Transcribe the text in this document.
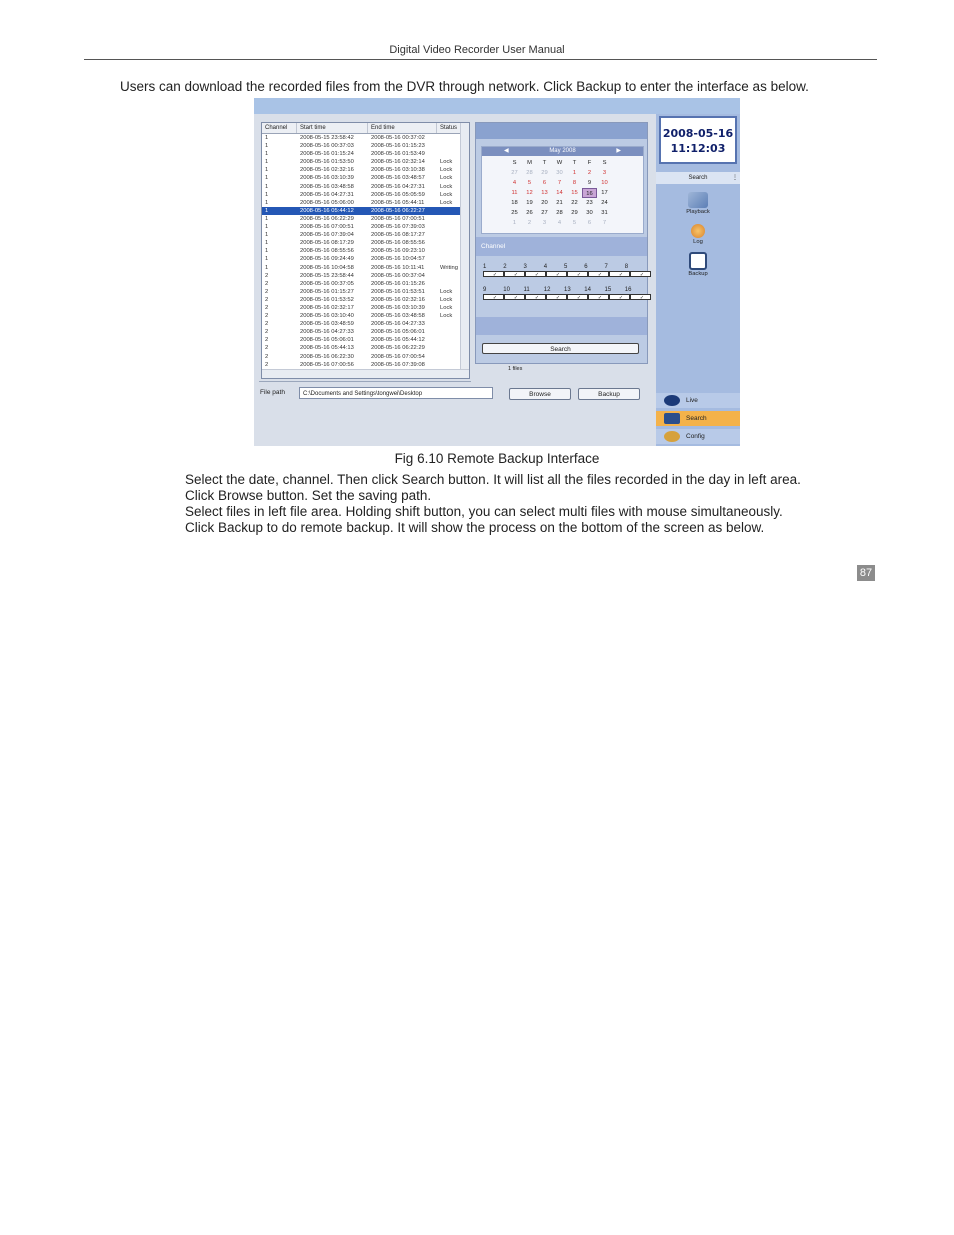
Digital Video Recorder User Manual
Users can download the recorded files from the DVR through network. Click Backup to enter the interface as below.
Channel	Start time	End time	Status
1	2008-05-15 23:58:42	2008-05-16 00:37:02
1	2008-05-16 00:37:03	2008-05-16 01:15:23
1	2008-05-16 01:15:24	2008-05-16 01:53:49
1	2008-05-16 01:53:50	2008-05-16 02:32:14	Lock
1	2008-05-16 02:32:16	2008-05-16 03:10:38	Lock
1	2008-05-16 03:10:39	2008-05-16 03:48:57	Lock
1	2008-05-16 03:48:58	2008-05-16 04:27:31	Lock
1	2008-05-16 04:27:31	2008-05-16 05:05:59	Lock
1	2008-05-16 05:06:00	2008-05-16 05:44:11	Lock
1	2008-05-16 05:44:12	2008-05-16 06:22:27
1	2008-05-16 06:22:29	2008-05-16 07:00:51
1	2008-05-16 07:00:51	2008-05-16 07:39:03
1	2008-05-16 07:39:04	2008-05-16 08:17:27
1	2008-05-16 08:17:29	2008-05-16 08:55:56
1	2008-05-16 08:55:56	2008-05-16 09:23:10
1	2008-05-16 09:24:49	2008-05-16 10:04:57
1	2008-05-16 10:04:58	2008-05-16 10:11:41	Writing
2	2008-05-15 23:58:44	2008-05-16 00:37:04
2	2008-05-16 00:37:05	2008-05-16 01:15:26
2	2008-05-16 01:15:27	2008-05-16 01:53:51	Lock
2	2008-05-16 01:53:52	2008-05-16 02:32:16	Lock
2	2008-05-16 02:32:17	2008-05-16 03:10:39	Lock
2	2008-05-16 03:10:40	2008-05-16 03:48:58	Lock
2	2008-05-16 03:48:59	2008-05-16 04:27:33
2	2008-05-16 04:27:33	2008-05-16 05:06:01
2	2008-05-16 05:06:01	2008-05-16 05:44:12
2	2008-05-16 05:44:13	2008-05-16 06:22:29
2	2008-05-16 06:22:30	2008-05-16 07:00:54
2	2008-05-16 07:00:56	2008-05-16 07:39:08
File path	C:\Documents and Settings\tongwei\Desktop	Browse	Backup
◀	May 2008	▶
S	M	T	W	T	F	S
27	28	29	30	1	2	3
4	5	6	7	8	9	10
11	12	13	14	15	16	17
18	19	20	21	22	23	24
25	26	27	28	29	30	31
1	2	3	4	5	6	7
Channel
1	2	3	4	5	6	7	8
✓	✓	✓	✓	✓	✓	✓	✓
9	10	11	12	13	14	15	16
✓	✓	✓	✓	✓	✓	✓	✓
Search
1 files
2008-05-16
11:12:03
Search	⋮
Playback
Log
Backup
Live
Search
Config
Fig 6.10 Remote Backup Interface
Select the date, channel. Then click Search button. It will list all the files recorded in the day in left area.
Click Browse button. Set the saving path.
Select files in left file area. Holding shift button, you can select multi files with mouse simultaneously.
Click Backup to do remote backup. It will show the process on the bottom of the screen as below.
87
